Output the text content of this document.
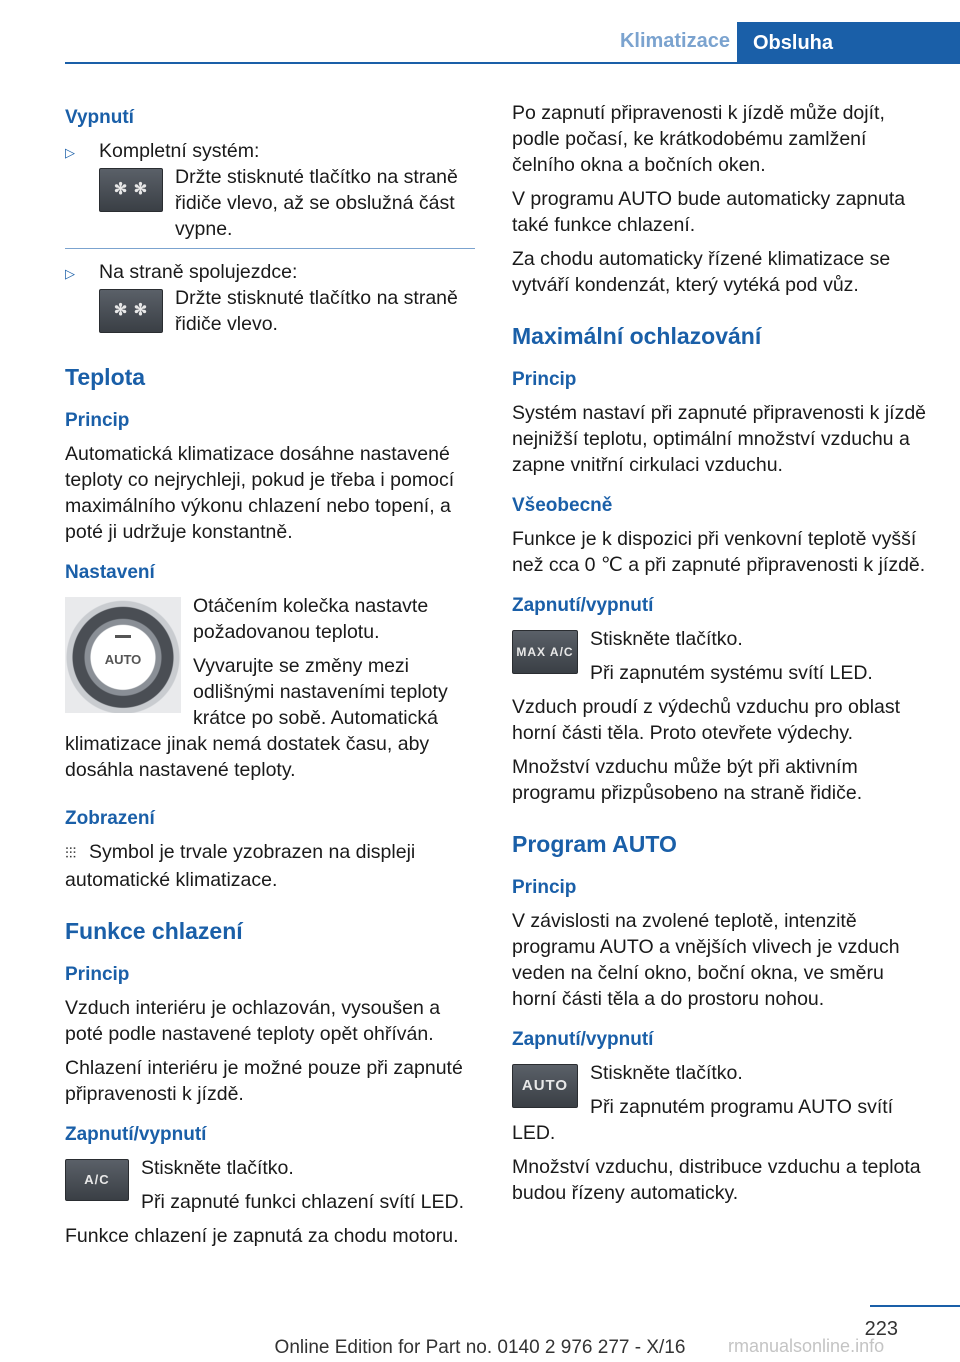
Klimatizace	Obsluha
Vypnutí
▷ Kompletní systém:
✻ ✻
Držte stisknuté tlačítko na straně řidiče vlevo, až se obslužná část vypne.
▷ Na straně spolujezdce:
✻ ✻
Držte stisknuté tlačítko na straně řidiče vlevo.
Teplota
Princip

Automatická klimatizace dosáhne nastavené teploty co nejrychleji, pokud je třeba i pomocí maximálního výkonu chlazení nebo topení, a poté ji udržuje konstantně.

Nastavení
AUTO

Otáčením kolečka nastavte požadovanou teplotu.

Vyvarujte se změny mezi odlišnými nastaveními teploty krátce po sobě. Automatická klimatizace jinak nemá dostatek času, aby dosáhla nastavené teploty.

Zobrazení

⫶⫶⫶ Symbol je trvale yzobrazen na displeji automatické klimatizace.

Funkce chlazení
Princip

Vzduch interiéru je ochlazován, vysoušen a poté podle nastavené teploty opět ohříván.

Chlazení interiéru je možné pouze při zapnuté připravenosti k jízdě.

Zapnutí/vypnutí
A/C

Stiskněte tlačítko.

Při zapnuté funkci chlazení svítí LED.

Funkce chlazení je zapnutá za chodu motoru.

Po zapnutí připravenosti k jízdě může dojít, podle počasí, ke krátkodobému zamlžení čelního okna a bočních oken.

V programu AUTO bude automaticky zapnuta také funkce chlazení.

Za chodu automaticky řízené klimatizace se vytváří kondenzát, který vytéká pod vůz.

Maximální ochlazování
Princip

Systém nastaví při zapnuté připravenosti k jízdě nejnižší teplotu, optimální množství vzduchu a zapne vnitřní cirkulaci vzduchu.

Všeobecně

Funkce je k dispozici při venkovní teplotě vyšší než cca 0 ℃ a při zapnuté připravenosti k jízdě.

Zapnutí/vypnutí
MAX A/C

Stiskněte tlačítko.

Při zapnutém systému svítí LED.

Vzduch proudí z výdechů vzduchu pro oblast horní části těla. Proto otevřete výdechy.

Množství vzduchu může být při aktivním programu přizpůsobeno na straně řidiče.

Program AUTO
Princip

V závislosti na zvolené teplotě, intenzitě programu AUTO a vnějších vlivech je vzduch veden na čelní okno, boční okna, ve směru horní části těla a do prostoru nohou.

Zapnutí/vypnutí
AUTO

Stiskněte tlačítko.

Při zapnutém programu AUTO svítí LED.

Množství vzduchu, distribuce vzduchu a teplota budou řízeny automaticky.

223
Online Edition for Part no. 0140 2 976 277 - X/16	rmanualsonline.info
